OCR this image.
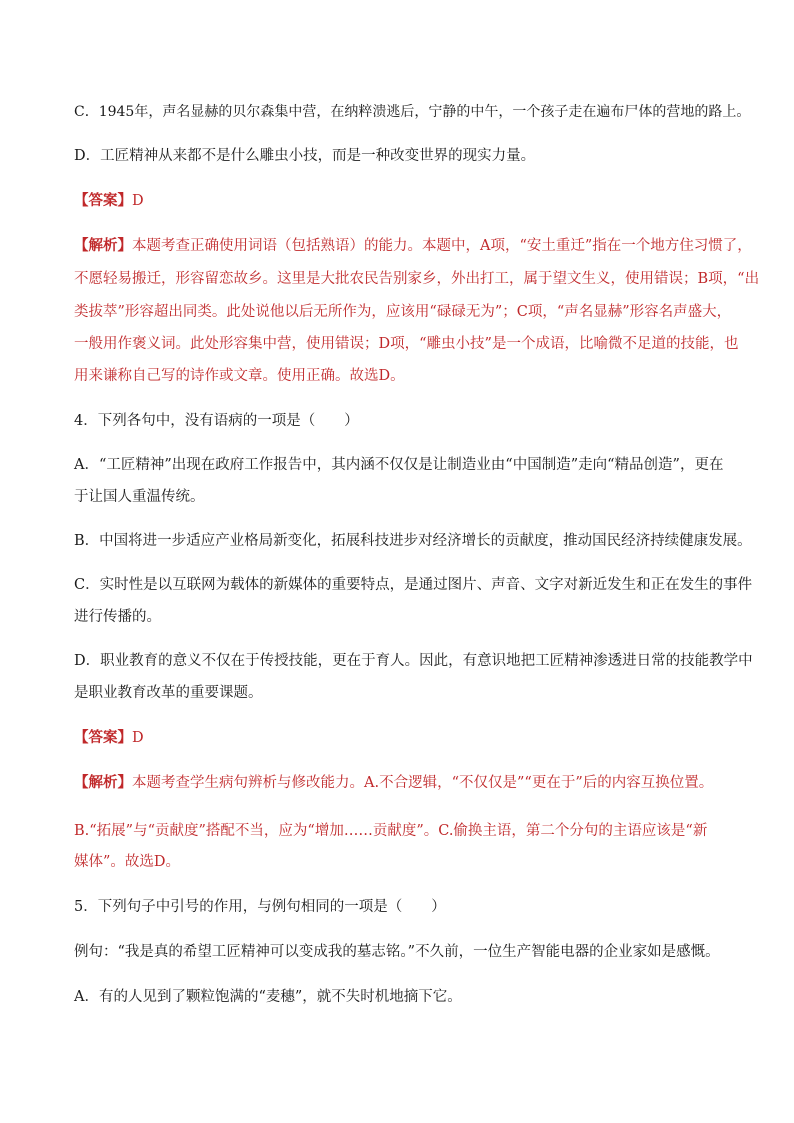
C．1945年，声名显赫的贝尔森集中营，在纳粹溃逃后，宁静的中午，一个孩子走在遍布尸体的营地的路上。

D．工匠精神从来都不是什么雕虫小技，而是一种改变世界的现实力量。

【答案】D

【解析】本题考查正确使用词语（包括熟语）的能力。本题中，A项，“安土重迁”指在一个地方住习惯了，

不愿轻易搬迁，形容留恋故乡。这里是大批农民告别家乡，外出打工，属于望文生义，使用错误；B项，“出

类拔萃”形容超出同类。此处说他以后无所作为，应该用“碌碌无为”；C项，“声名显赫”形容名声盛大，

一般用作褒义词。此处形容集中营，使用错误；D项，“雕虫小技”是一个成语，比喻微不足道的技能，也

用来谦称自己写的诗作或文章。使用正确。故选D。

4．下列各句中，没有语病的一项是（　　）

A．“工匠精神”出现在政府工作报告中，其内涵不仅仅是让制造业由“中国制造”走向“精品创造”，更在

于让国人重温传统。

B．中国将进一步适应产业格局新变化，拓展科技进步对经济增长的贡献度，推动国民经济持续健康发展。

C．实时性是以互联网为载体的新媒体的重要特点，是通过图片、声音、文字对新近发生和正在发生的事件

进行传播的。

D．职业教育的意义不仅在于传授技能，更在于育人。因此，有意识地把工匠精神渗透进日常的技能教学中

是职业教育改革的重要课题。

【答案】D

【解析】本题考查学生病句辨析与修改能力。A.不合逻辑，“不仅仅是”“更在于”后的内容互换位置。

B.“拓展”与“贡献度”搭配不当，应为“增加……贡献度”。C.偷换主语，第二个分句的主语应该是“新

媒体”。故选D。

5．下列句子中引号的作用，与例句相同的一项是（　　）

例句：“我是真的希望工匠精神可以变成我的墓志铭。”不久前，一位生产智能电器的企业家如是感慨。

A．有的人见到了颗粒饱满的“麦穗”，就不失时机地摘下它。
